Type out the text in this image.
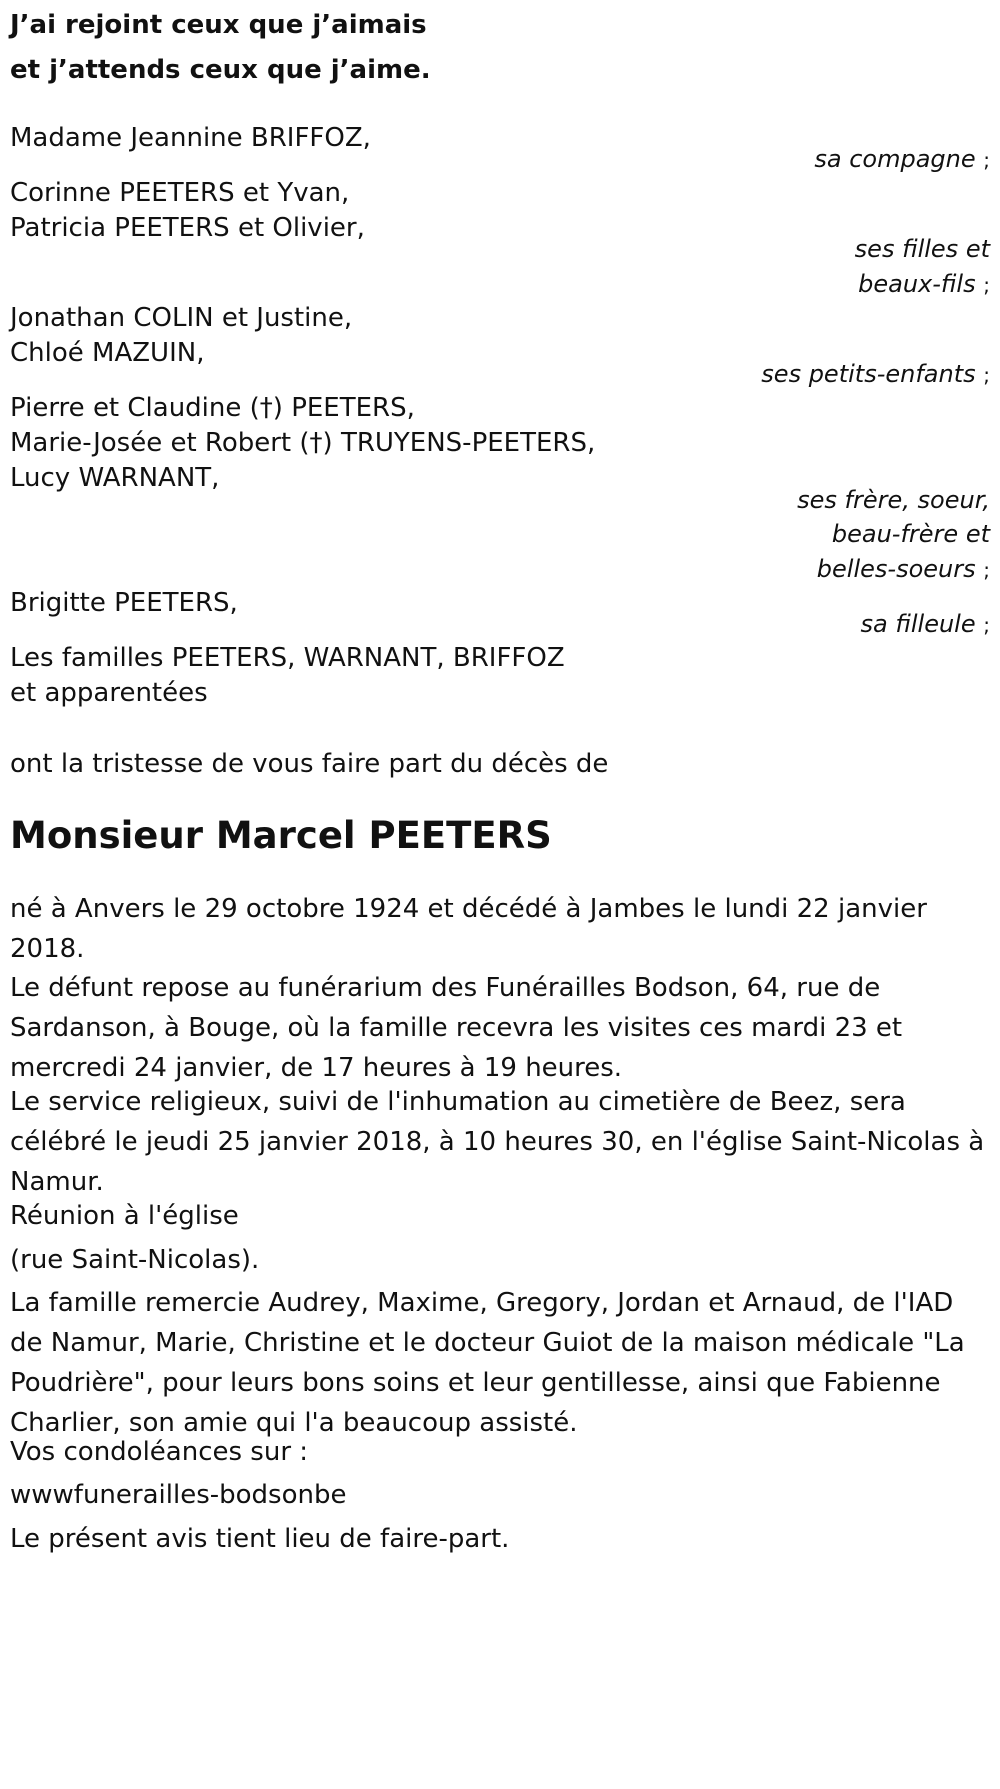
J’ai rejoint ceux que j’aimais
et j’attends ceux que j’aime.
Madame Jeannine BRIFFOZ,
sa compagne ;
Corinne PEETERS et Yvan,
Patricia PEETERS et Olivier,
ses filles et
beaux-fils ;
Jonathan COLIN et Justine,
Chloé MAZUIN,
ses petits-enfants ;
Pierre et Claudine (†) PEETERS,
Marie-Josée et Robert (†) TRUYENS-PEETERS,
Lucy WARNANT,
ses frère, soeur,
beau-frère et
belles-soeurs ;
Brigitte PEETERS,
sa filleule ;
Les familles PEETERS, WARNANT, BRIFFOZ
et apparentées
ont la tristesse de vous faire part du décès de
Monsieur Marcel PEETERS
né à Anvers le 29 octobre 1924 et décédé à Jambes le lundi 22 janvier 2018.
Le défunt repose au funérarium des Funérailles Bodson, 64, rue de Sardanson, à Bouge, où la famille recevra les visites ces mardi 23 et mercredi 24 janvier, de 17 heures à 19 heures.
Le service religieux, suivi de l'inhumation au cimetière de Beez, sera célébré le jeudi 25 janvier 2018, à 10 heures 30, en l'église Saint-Nicolas à Namur.
Réunion à l'église
(rue Saint-Nicolas).
La famille remercie Audrey, Maxime, Gregory, Jordan et Arnaud, de l'IAD de Namur, Marie, Christine et le docteur Guiot de la maison médicale "La Poudrière", pour leurs bons soins et leur gentillesse, ainsi que Fabienne Charlier, son amie qui l'a beaucoup assisté.
Vos condoléances sur :
wwwfunerailles-bodsonbe
Le présent avis tient lieu de faire-part.
